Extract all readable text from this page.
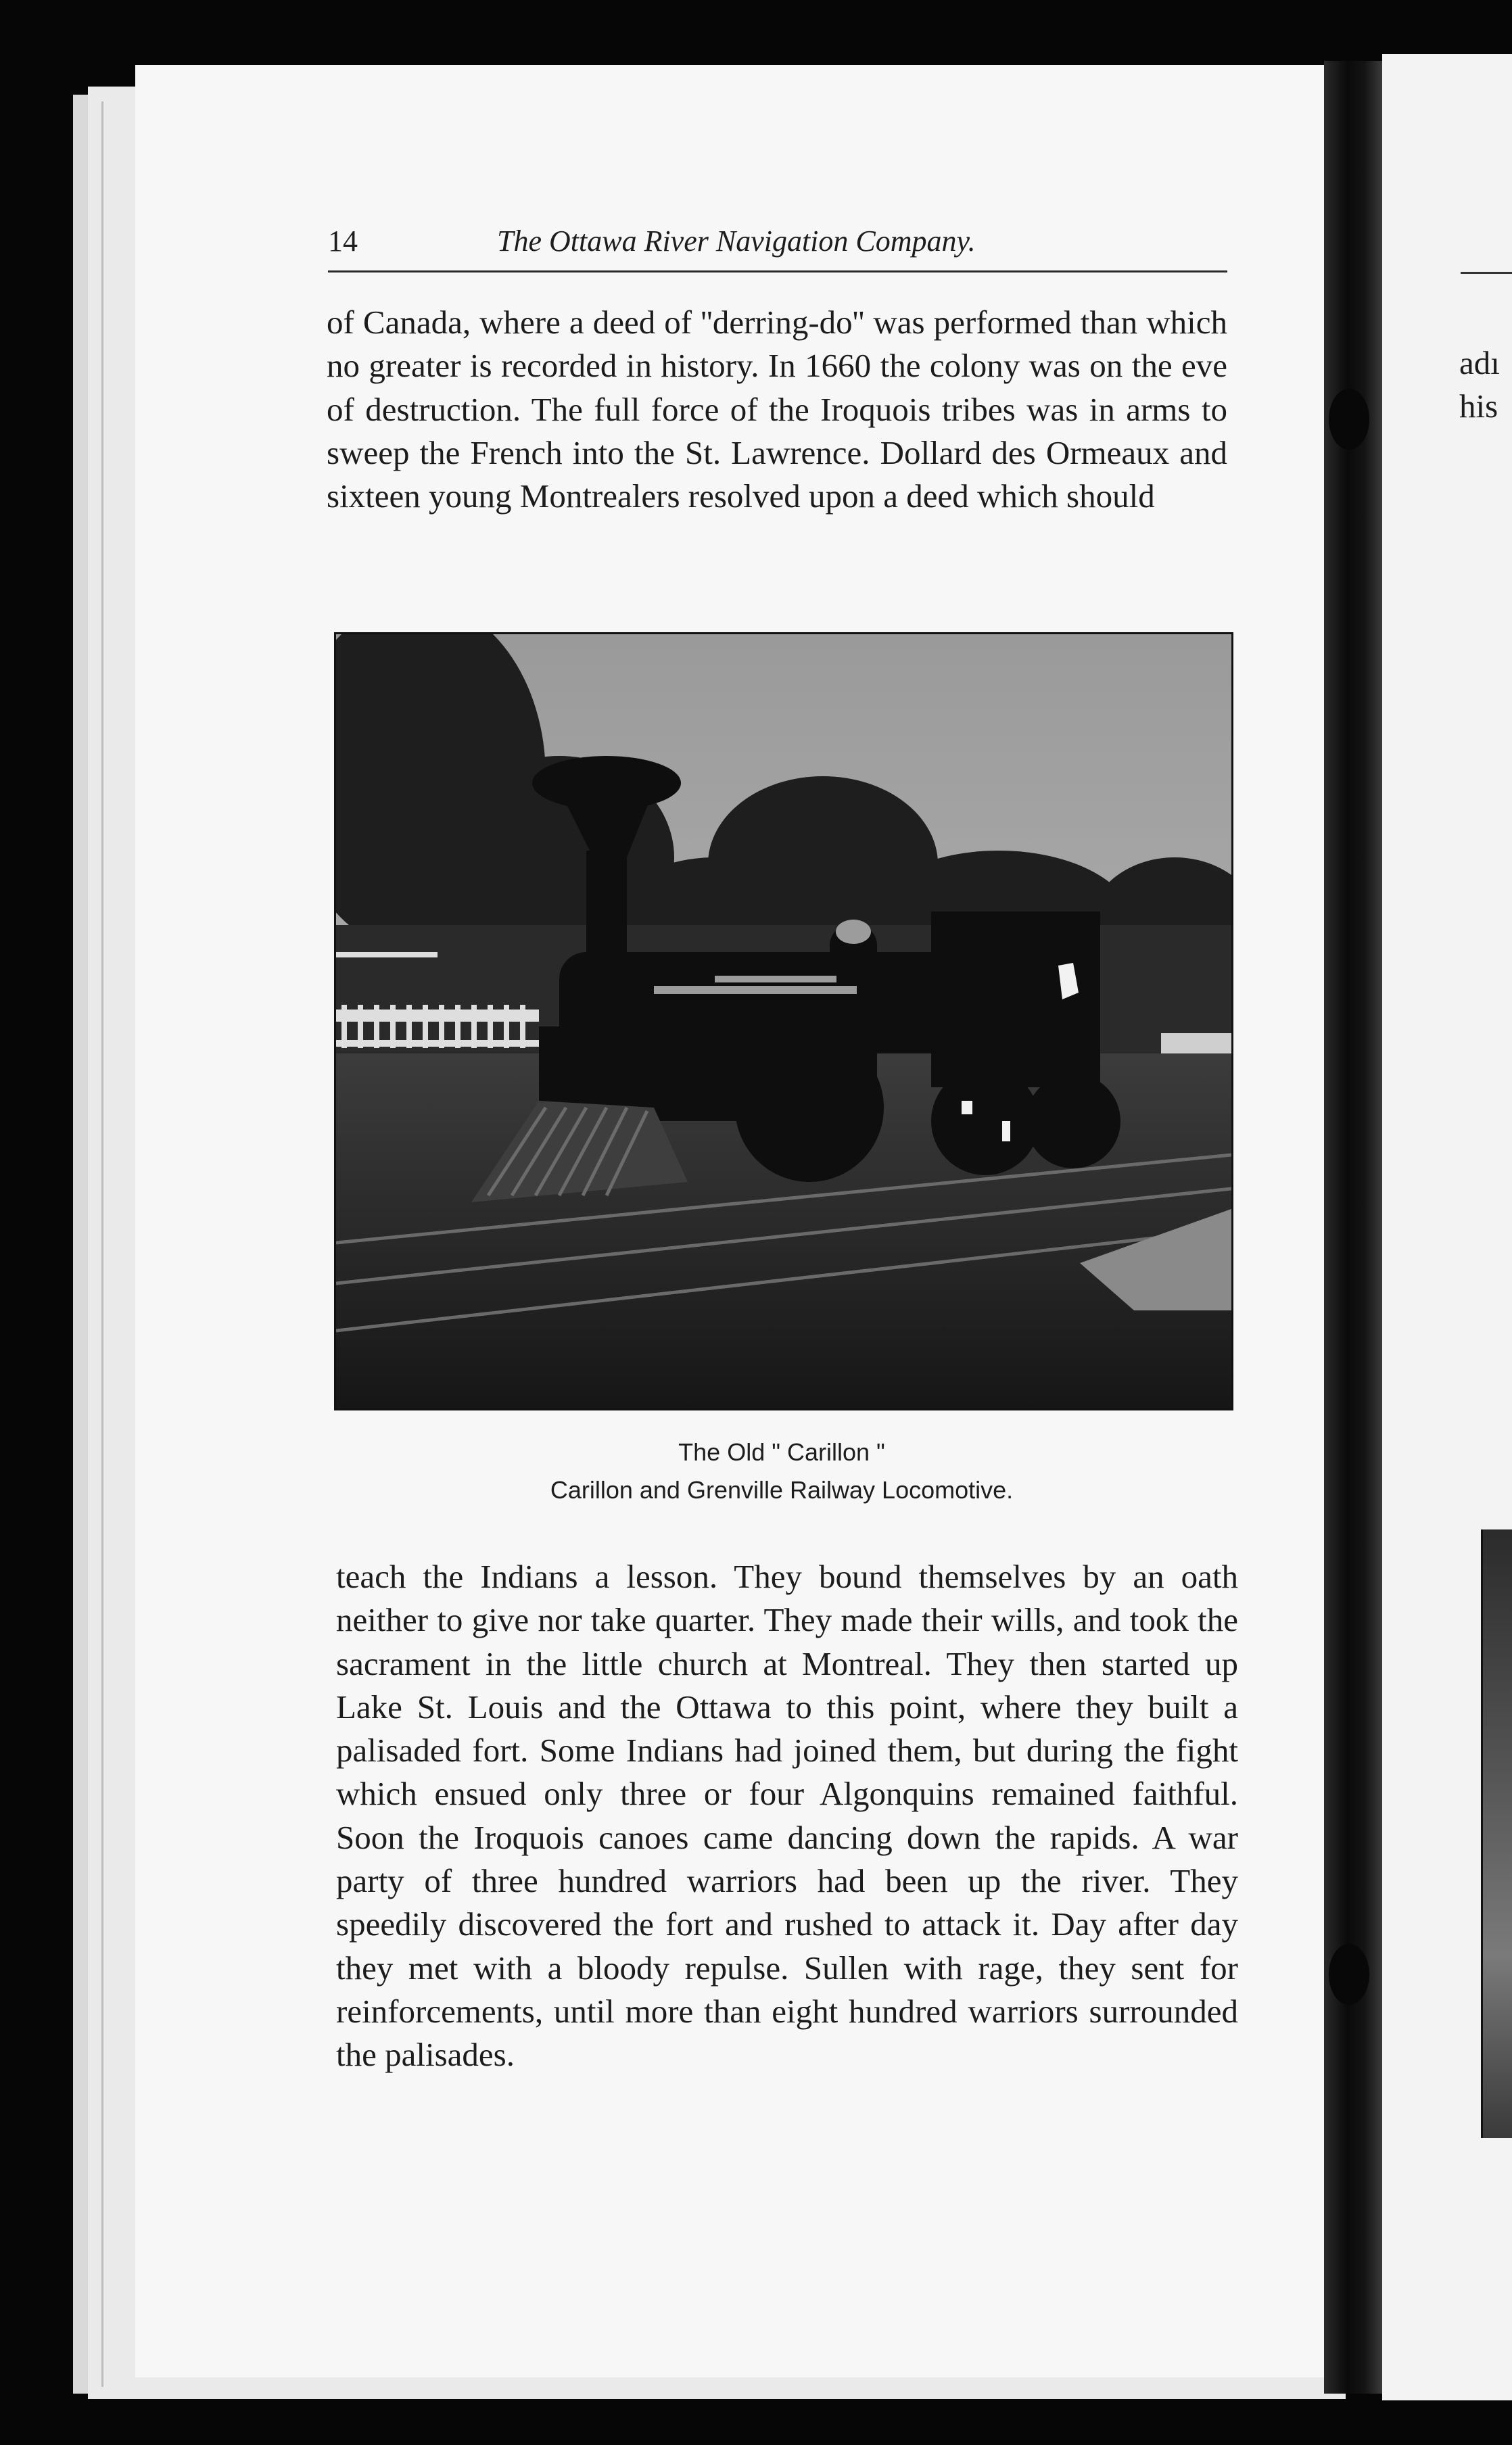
14	The Ottawa River Navigation Company.

of Canada, where a deed of ''derring-do'' was performed than which no greater is recorded in history. In 1660 the colony was on the eve of destruction. The full force of the Iroquois tribes was in arms to sweep the French into the St. Lawrence. Dollard des Ormeaux and sixteen young Montrealers resolved upon a deed which should

The Old " Carillon "
Carillon and Grenville Railway Locomotive.

teach the Indians a lesson. They bound themselves by an oath neither to give nor take quarter. They made their wills, and took the sacrament in the little church at Montreal. They then started up Lake St. Louis and the Ottawa to this point, where they built a palisaded fort. Some Indians had joined them, but during the fight which ensued only three or four Algonquins remained faithful. Soon the Iroquois canoes came dancing down the rapids. A war party of three hundred warriors had been up the river. They speedily discovered the fort and rushed to attack it. Day after day they met with a bloody repulse. Sullen with rage, they sent for reinforcements, until more than eight hundred warriors surrounded the palisades.

adı
his
